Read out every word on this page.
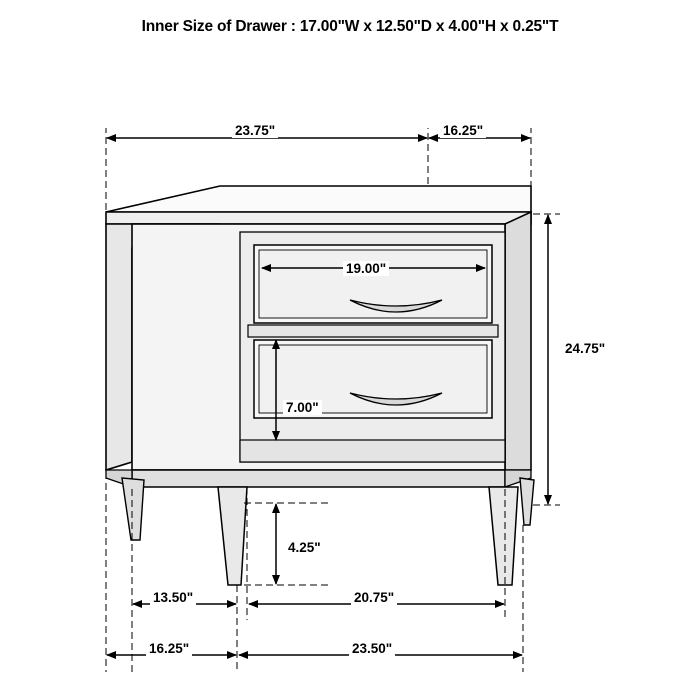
Inner Size of Drawer : 17.00"W x 12.50"D x 4.00"H x 0.25"T
23.75"	16.25"
19.00"
24.75"
7.00"
4.25"
13.50"	20.75"
16.25"	23.50"
